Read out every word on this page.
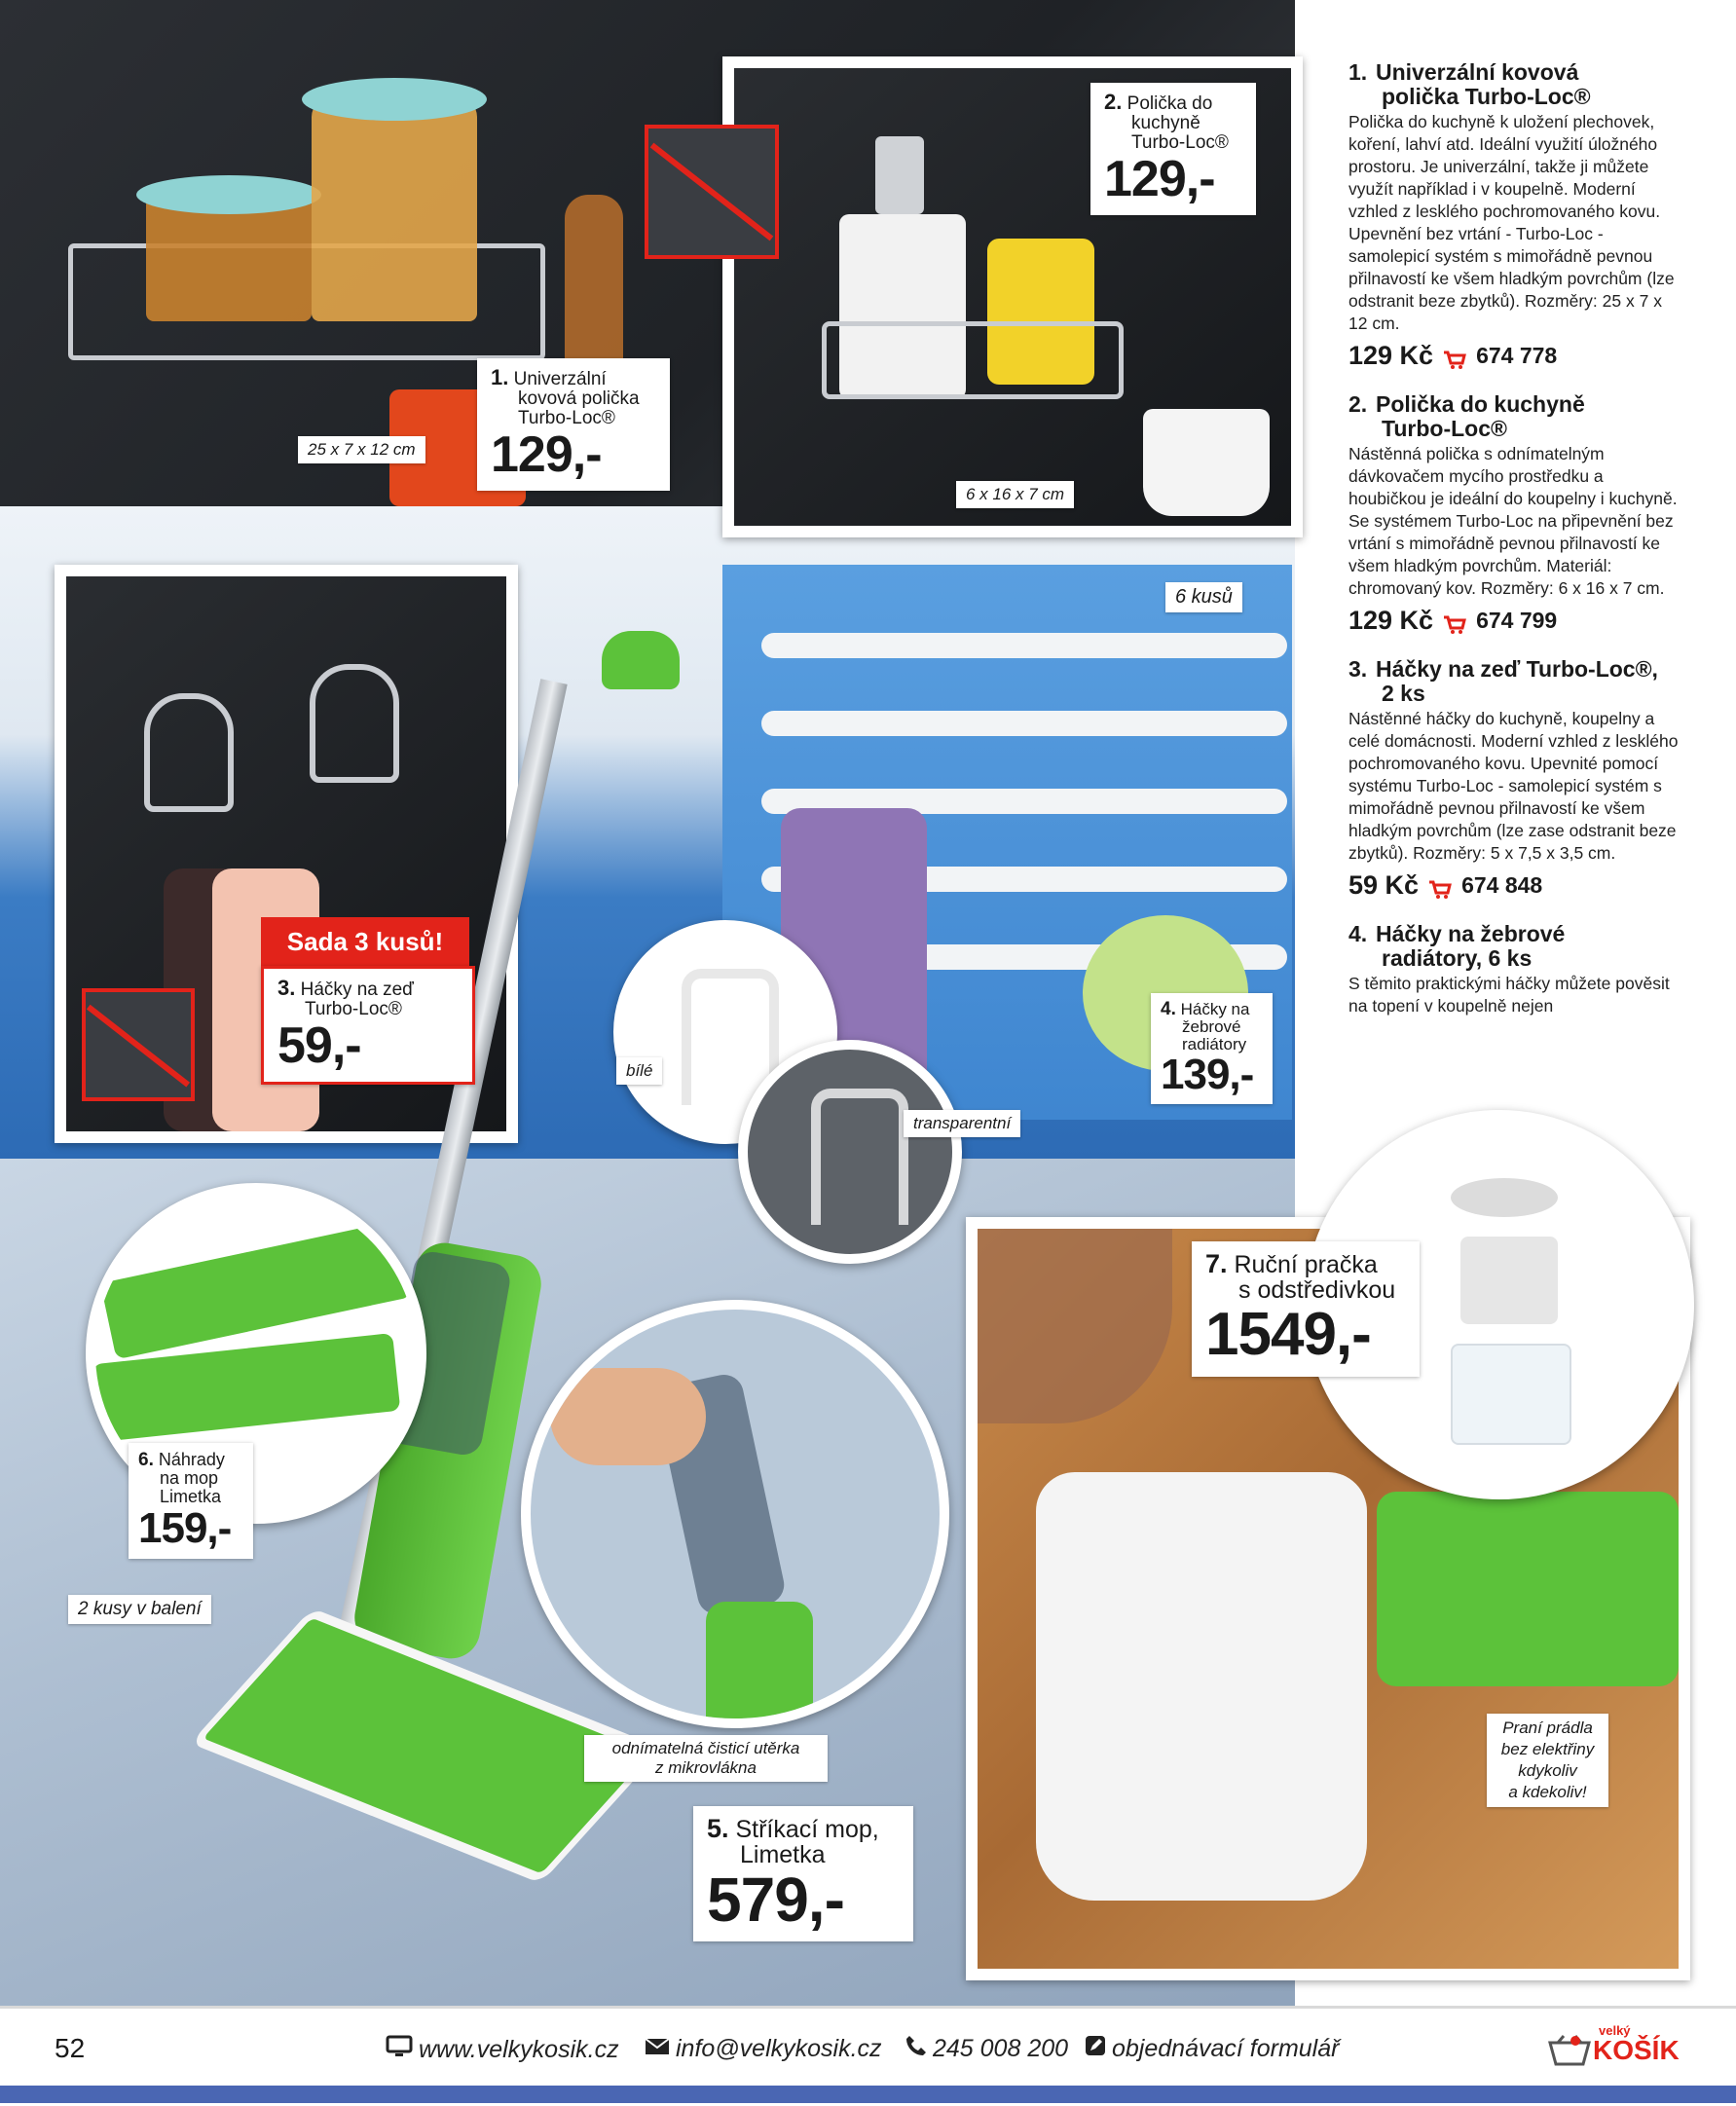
25 x 7 x 12 cm
6 x 16 x 7 cm
6 kusů
bílé
transparentní
2 kusy v balení
odnímatelná čisticí utěrka
z mikrovlákna
Praní prádla
bez elektřiny
kdykoliv
a kdekoliv!
1. Univerzální
kovová polička
Turbo-Loc®
129,-
2. Polička do
kuchyně
Turbo-Loc®
129,-
Sada 3 kusů!
3. Háčky na zeď
Turbo-Loc®
59,-
4. Háčky na
žebrové
radiátory
139,-
5. Stříkací mop,
Limetka
579,-
6. Náhrady
na mop
Limetka
159,-
7. Ruční pračka
s odstředivkou
1549,-
1. Univerzální kovová
polička Turbo-Loc®
Polička do kuchyně k uložení plechovek, koření, lahví atd. Ideální využití úložného prostoru. Je univerzální, takže ji můžete využít například i v koupelně. Moderní vzhled z lesklého pochromovaného kovu. Upevnění bez vrtání - Turbo-Loc - samolepicí systém s mimořádně pevnou přilnavostí ke všem hladkým povrchům (lze odstranit beze zbytků). Rozměry: 25 x 7 x 12 cm.
129 Kč 674 778
2. Polička do kuchyně
Turbo-Loc®
Nástěnná polička s odnímatelným dávkovačem mycího prostředku a houbičkou je ideální do koupelny i kuchyně. Se systémem Turbo-Loc na připevnění bez vrtání s mimořádně pevnou přilnavostí ke všem hladkým povrchům. Materiál: chromovaný kov. Rozměry: 6 x 16 x 7 cm.
129 Kč 674 799
3. Háčky na zeď Turbo-Loc®,
2 ks
Nástěnné háčky do kuchyně, koupelny a celé domácnosti. Moderní vzhled z lesklého pochromovaného kovu. Upevnité pomocí systému Turbo-Loc - samolepicí systém s mimořádně pevnou přilnavostí ke všem hladkým povrchům (lze zase odstranit beze zbytků). Rozměry: 5 x 7,5 x 3,5 cm.
59 Kč 674 848
4. Háčky na žebrové
radiátory, 6 ks
S těmito praktickými háčky můžete pověsit na topení v koupelně nejen
52	www.velkykosik.cz info@velkykosik.cz 245 008 200 objednávací formulář
velký
KOŠÍK
